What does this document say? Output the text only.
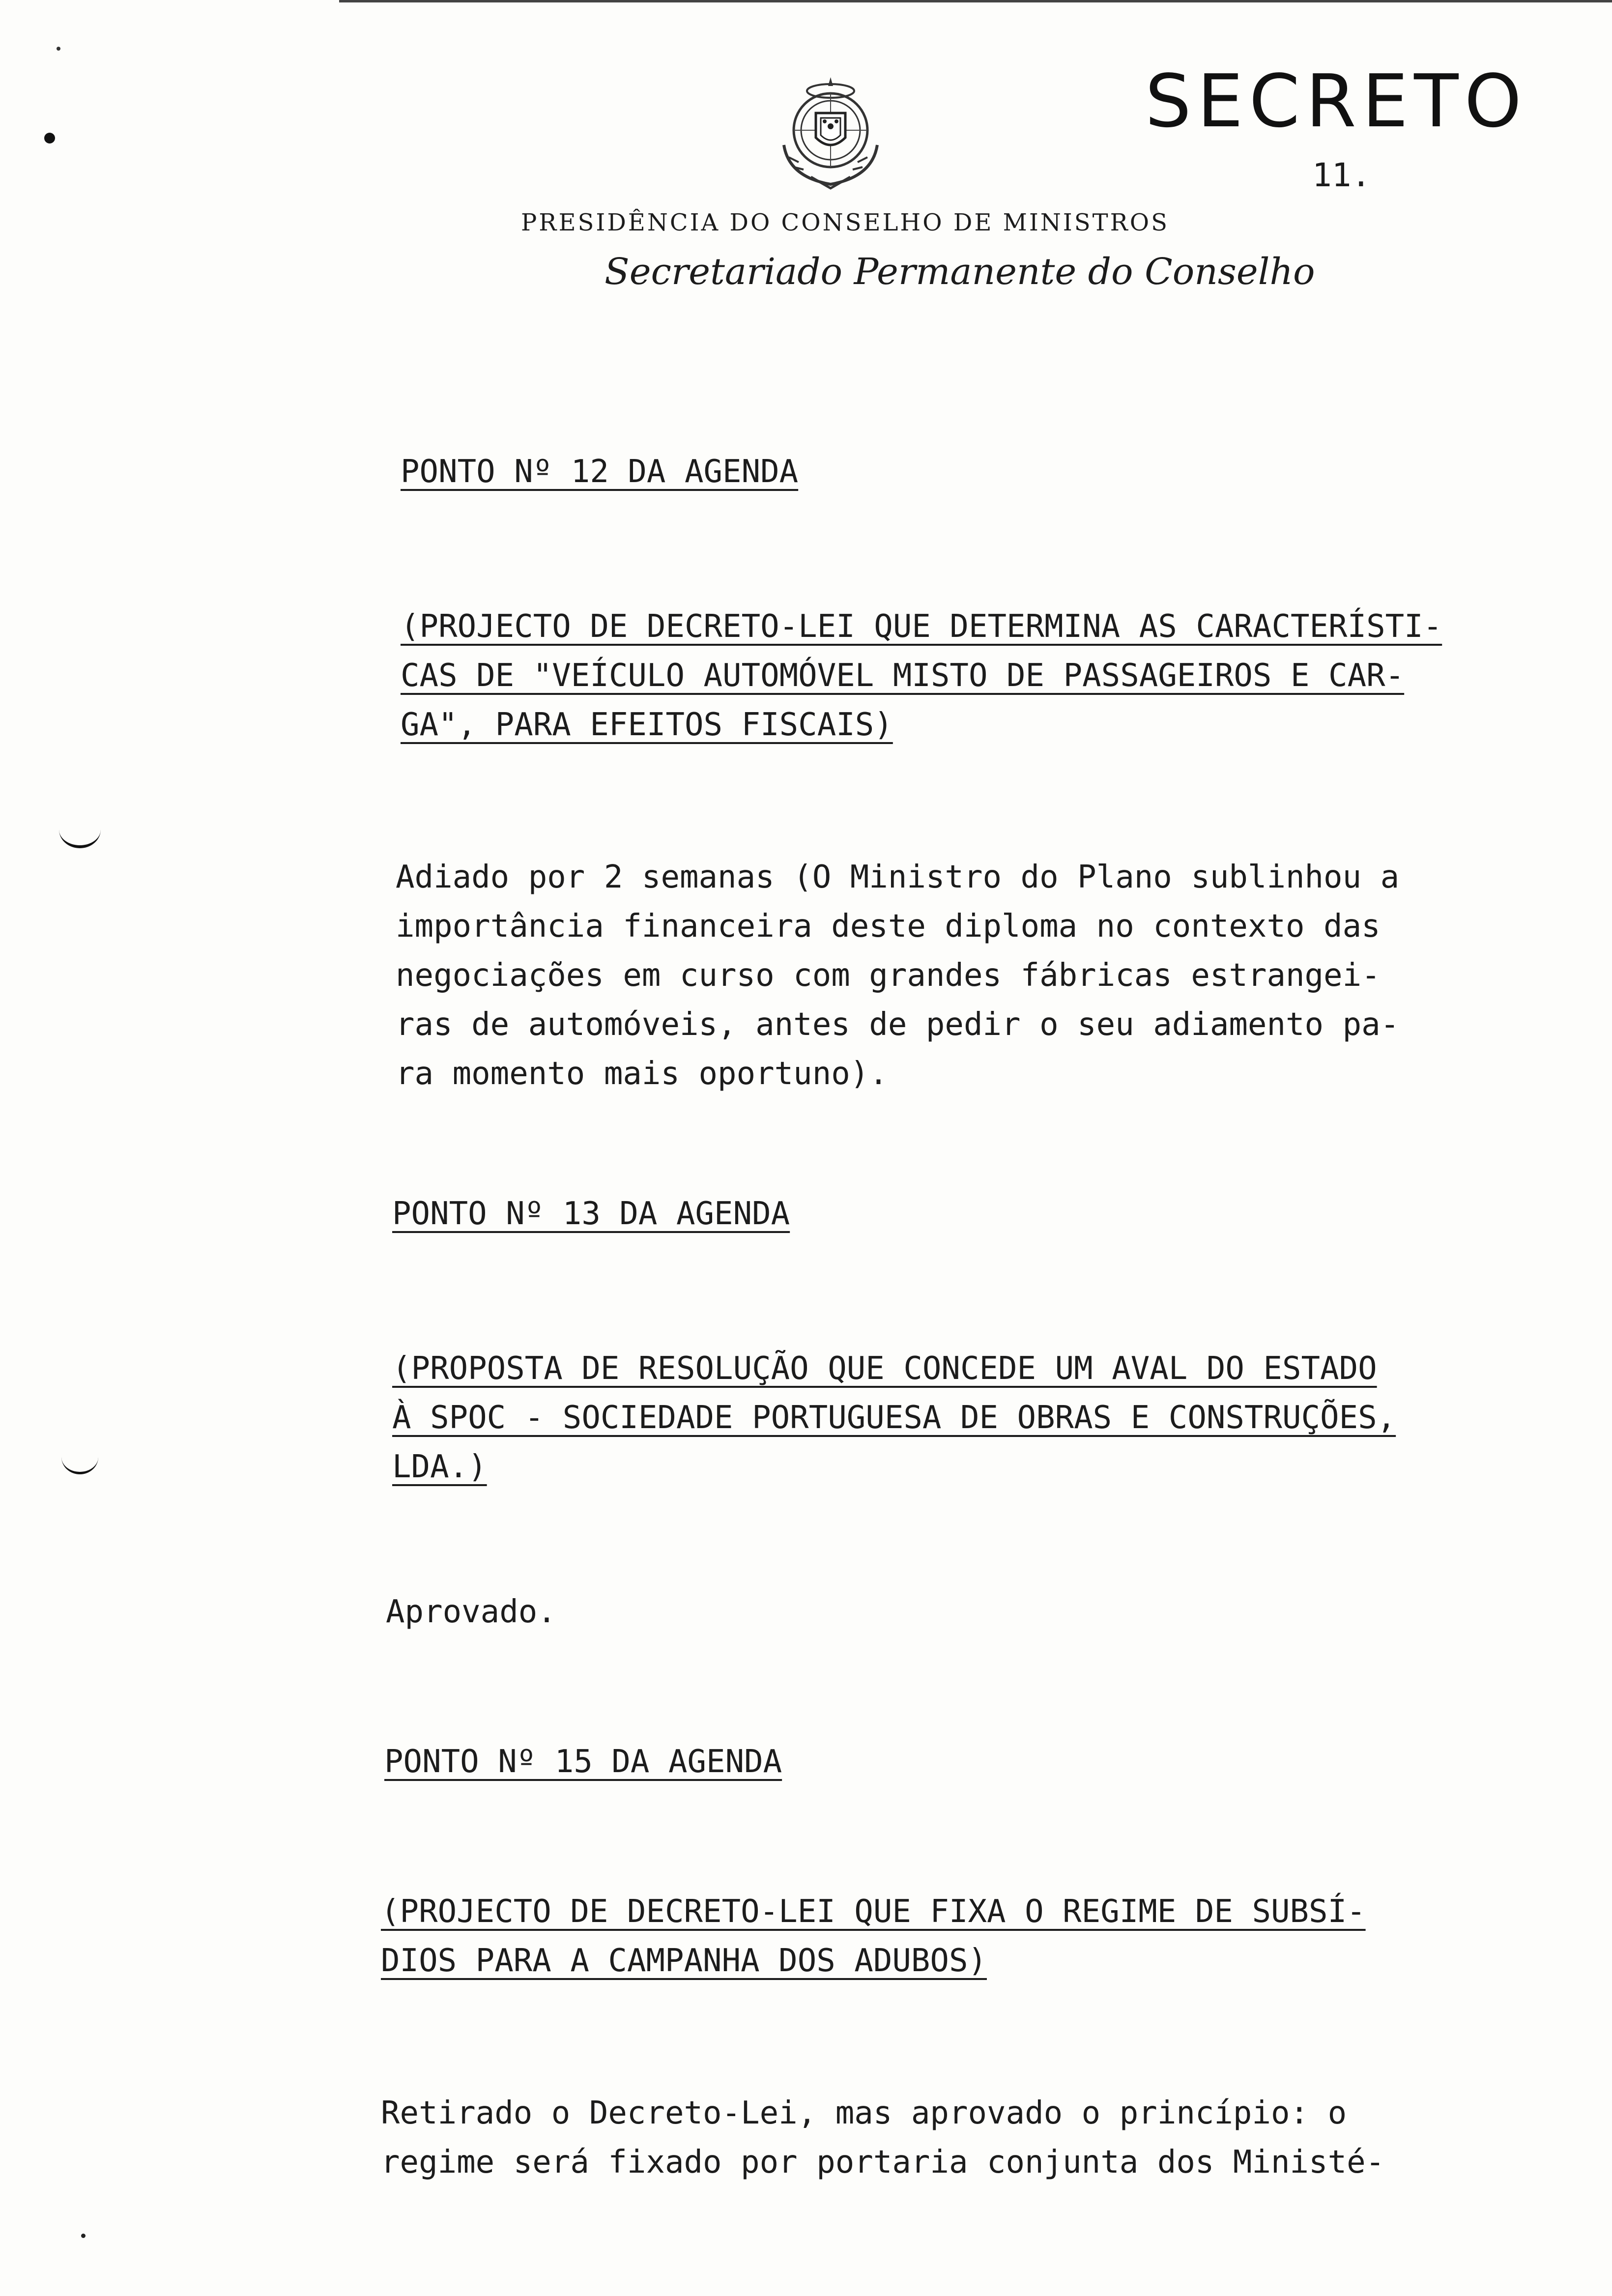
SECRETO
11.
PRESIDÊNCIA DO CONSELHO DE MINISTROS
Secretariado Permanente do Conselho
PONTO Nº 12 DA AGENDA
(PROJECTO DE DECRETO-LEI QUE DETERMINA AS CARACTERÍSTI-
CAS DE "VEÍCULO AUTOMÓVEL MISTO DE PASSAGEIROS E CAR-
GA", PARA EFEITOS FISCAIS)
Adiado por 2 semanas (O Ministro do Plano sublinhou a
importância financeira deste diploma no contexto das
negociações em curso com grandes fábricas estrangei-
ras de automóveis, antes de pedir o seu adiamento pa-
ra momento mais oportuno).
PONTO Nº 13 DA AGENDA
(PROPOSTA DE RESOLUÇÃO QUE CONCEDE UM AVAL DO ESTADO
À SPOC - SOCIEDADE PORTUGUESA DE OBRAS E CONSTRUÇÕES,
LDA.)
Aprovado.
PONTO Nº 15 DA AGENDA
(PROJECTO DE DECRETO-LEI QUE FIXA O REGIME DE SUBSÍ-
DIOS PARA A CAMPANHA DOS ADUBOS)
Retirado o Decreto-Lei, mas aprovado o princípio: o
regime será fixado por portaria conjunta dos Ministé-
